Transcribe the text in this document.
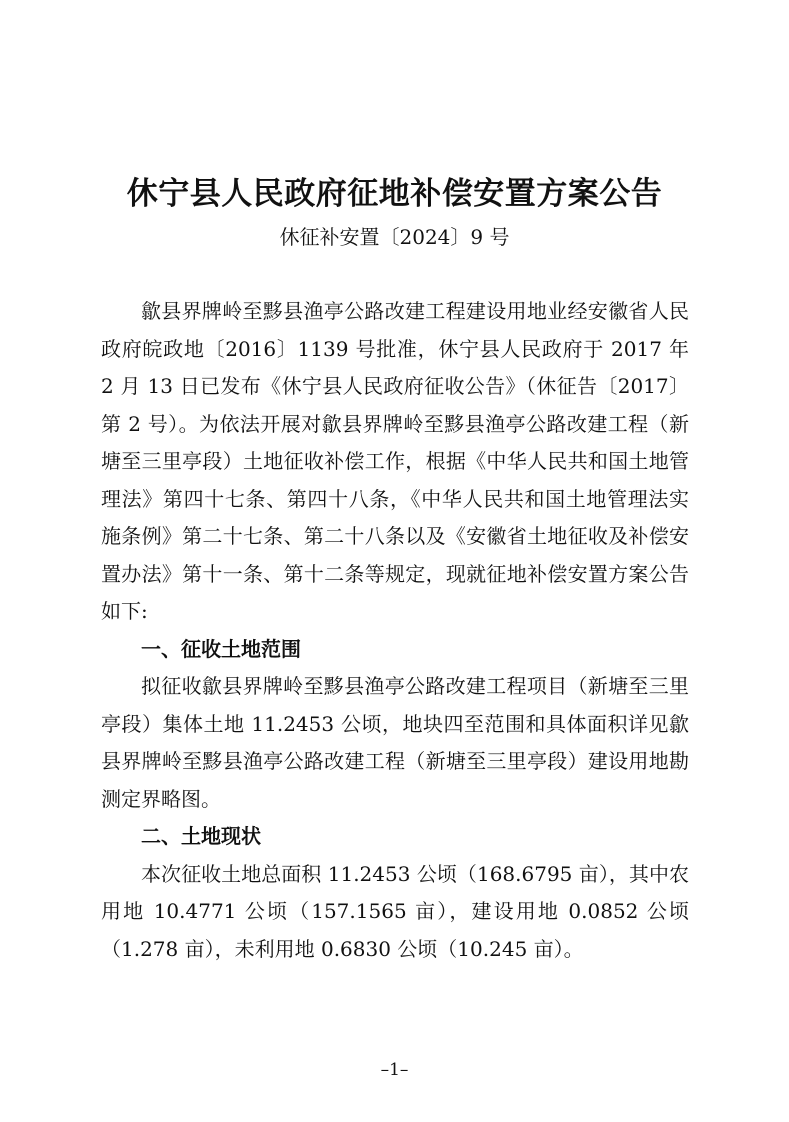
休宁县人民政府征地补偿安置方案公告
休征补安置〔2024〕9 号

歙县界牌岭至黟县渔亭公路改建工程建设用地业经安徽省人民政府皖政地〔2016〕1139 号批准，休宁县人民政府于 2017 年 2 月 13 日已发布《休宁县人民政府征收公告》（休征告〔2017〕第 2 号）。为依法开展对歙县界牌岭至黟县渔亭公路改建工程（新塘至三里亭段）土地征收补偿工作，根据《中华人民共和国土地管理法》第四十七条、第四十八条，《中华人民共和国土地管理法实施条例》第二十七条、第二十八条以及《安徽省土地征收及补偿安置办法》第十一条、第十二条等规定，现就征地补偿安置方案公告如下:

一、征收土地范围

拟征收歙县界牌岭至黟县渔亭公路改建工程项目（新塘至三里亭段）集体土地 11.2453 公顷，地块四至范围和具体面积详见歙县界牌岭至黟县渔亭公路改建工程（新塘至三里亭段）建设用地勘测定界略图。

二、土地现状

本次征收土地总面积 11.2453 公顷（168.6795 亩），其中农用地 10.4771 公顷（157.1565 亩），建设用地 0.0852 公顷（1.278 亩），未利用地 0.6830 公顷（10.245 亩）。

–1–
